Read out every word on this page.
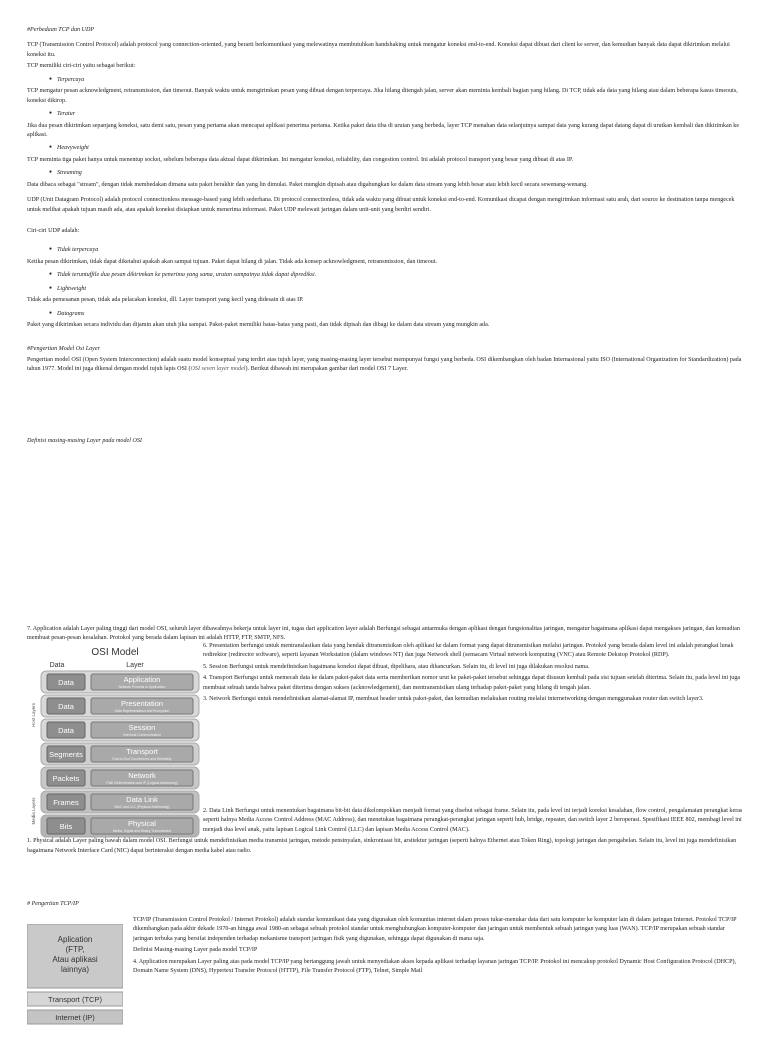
#Perbedaan TCP dan UDP

TCP (Transmission Control Protocol) adalah protocol yang connection-oriented, yang berarti berkomunikasi yang melewatinya membutuhkan handshaking untuk mengatur koneksi end-to-end. Koneksi dapat dibuat dari client ke server, dan kemudian banyak data dapat dikirimkan melalui koneksi itu.

TCP memiliki ciri-ciri yaitu sebagai berikut:

● Terpercaya

TCP mengatur pesan acknowledgment, retransmission, dan timeout. Banyak waktu untuk mengirimkan pesan yang dibuat dengan terpercaya. Jika hilang ditengah jalan, server akan meminta kembali bagian yang hilang. Di TCP, tidak ada data yang hilang atau dalam beberapa kasus timeouts, koneksi dikirop.

● Teratur

Jika dua pesan dikirimkan sepanjang koneksi, satu demi satu, pesan yang pertama akan mencapai aplikasi penerima pertama. Ketika paket data tiba di urutan yang berbeda, layer TCP menahan data selanjutnya sampai data yang kurang dapat datang dapat di urutkan kembali dan dikirimkan ke aplikasi.

● Heavyweight

TCP meminta tiga paket hanya untuk menentup socket, sebelum beberapa data aktual dapat dikirimkan. Ini mengatur koneksi, reliability, dan congestion control. Ini adalah protocol transport yang besar yang dibuat di atas IP.

● Streaming

Data dibaca sebagai "stream", dengan tidak membedakan dimana satu paket berakhir dan yang lin dimulai. Paket mungkin dipisah atau digabungkan ke dalam data stream yang lebih besar atau lebih kecil secara sewenang-wenang.

UDP (Unit Datagram Protocol) adalah protocol connectionless message-based yang lebih sederhana. Di protocol connectionless, tidak ada waktu yang dibuat untuk koneksi end-to-end. Komunikasi dicapai dengan mengirimkan informasi satu arah, dari source ke destination tanpa mengecek untuk melihat apakah tujuan masih ada, atau apakah koneksi disiapkan untuk menerima informasi. Paket UDP melewati jaringan dalam unit-unit yang berdiri sendiri.

Ciri-ciri UDP adalah:

● Tidak terpercaya

Ketika pesan dikirimkan, tidak dapat diketahui apakah akan sampai tujuan. Paket dapat hilang di jalan. Tidak ada konsep acknowledgment, retransmission, dan timeout.

● Tidak teruntuffile dua pesan dikirimkan ke penerima yang sama, urutan sampainya tidak dapat diprediksi.
● Lightweight

Tidak ada pemesanan pesan, tidak ada pelacakan koneksi, dll. Layer transport yang kecil yang didesain di atas IP.

● Datagrams

Paket yang dikirimkan secara individu dan dijamin akan utuh jika sampai. Paket-paket memiliki batas-batas yang pasti, dan tidak dipisah dan dibagi ke dalam data stream yang mungkin ada.

#Pengertian Model Osi Layer

Pengertian model OSI (Open System Interconnection) adalah suatu model konseptual yang terdiri atas tujuh layer, yang masing-masing layer tersebut mempunyai fungsi yang berbeda. OSI dikembangkan oleh badan Internasional yaitu ISO (International Organization for Standardization) pada tahun 1977. Model ini juga dikenal dengan model tujuh lapis OSI (OSI seven layer model). Berikut dibawah ini merupakan gambar dari model OSI 7 Layer.

Definisi masing-masing Layer pada model OSI

7. Application adalah Layer paling tinggi dari model OSI, seluruh layer dibawahnya bekerja untuk layer ini, tugas dari application layer adalah Berfungsi sebagai antarmuka dengan aplikasi dengan fungsionalitas jaringan, mengatur bagaimana aplikasi dapat mengakses jaringan, dan kemudian membuat pesan-pesan kesalahan. Protokol yang berada dalam lapisan ini adalah HTTP, FTP, SMTP, NFS.

OSI Model
Data	Layer
Host Layers
Media Layers
Data	Application
Network Process to Application
Data	Presentation
Data Representation and Encryption
Data	Session
Interhost Communication
Segments	Transport
End-to-End Connections and Reliability
Packets	Network
Path Determination and IP (Logical Addressing)
Frames	Data Link
MAC and LLC (Physical Addressing)
Bits	Physical
Media, Signal and Binary Transmission

6. Presentation berfungsi untuk mentranslasikan data yang hendak ditransmisikan oleh aplikasi ke dalam format yang dapat ditransmisikan melalui jaringan. Protokol yang berada dalam level ini adalah perangkat lunak redirektor (redirector software), seperti layanan Workstation (dalam windows NT) dan juga Network shell (semacam Virtual network komputing (VNC) atau Remote Dekstop Protokol (RDP).

5. Session Berfungsi untuk mendefinisikan bagaimana koneksi dapat dibuat, dipelihara, atau dihancurkan. Selain itu, di level ini juga dilakukan resolusi nama.

4. Transport Berfungsi untuk memecah data ke dalam paket-paket data serta memberikan nomor urut ke paket-paket tersebut sehingga dapat disusun kembali pada sisi tujuan setelah diterima. Selain itu, pada level ini juga membuat sebuah tanda bahwa paket diterima dengan sukses (acknowledgement), dan mentransmisikan ulang terhadap paket-paket yang hilang di tengah jalan.

3. Network Berfungsi untuk mendefinisikan alamat-alamat IP, membuat header untuk paket-paket, dan kemudian melakukan routing melalui internetworking dengan menggunakan router dan switch layer3.

2. Data Link Berfungsi untuk menentukan bagaimana bit-bit data dikelompokkan menjadi format yang disebut sebagai frame. Selain itu, pada level ini terjadi koreksi kesalahan, flow control, pengalamatan perangkat keras seperti halnya Media Access Control Address (MAC Address), dan menetukan bagaimana perangkat-perangkat jaringan seperti hub, bridge, repeater, dan switch layer 2 beroperasi. Spesifikasi IEEE 802, membagi level ini menjadi dua level anak, yaitu lapisan Logical Link Control (LLC) dan lapisan Media Access Control (MAC).

1. Physical adalah Layer paling bawah dalam model OSI. Berfungsi untuk mendefinisikan media transmisi jaringan, metode pensinyalan, sinkronisasi bit, arsitektur jaringan (seperti halnya Ethernet atau Token Ring), topologi jaringan dan pengabelan. Selain itu, level ini juga mendefinisikan bagaimana Network Interface Card (NIC) dapat berinteraksi dengan media kabel atau radio.

# Pengertian TCP/IP

Aplication
(FTP,
Atau aplikasi
lainnya)
Transport (TCP)
Internet (IP)

TCP/IP (Transmission Control Protokol / Internet Protokol) adalah standar komunikasi data yang digunakan oleh komunitas internet dalam proses tukar-menukar data dari satu komputer ke komputer lain di dalam jaringan Internet. Protokol TCP/IP dikembangkan pada akhir dekade 1970-an hingga awal 1980-an sebagai sebuah protokol standar untuk menghubungkan komputer-komputer dan jaringan untuk membentuk sebuah jaringan yang luas (WAN). TCP/IP merupakan sebuah standar jaringan terbuka yang bersifat independen terhadap mekanisme transport jaringan fisik yang digunakan, sehingga dapat digunakan di mana saja.

Definisi Masing-masing Layer pada model TCP/IP

4. Application merupakan Layer paling atas pada model TCP/IP yang bertanggung jawab untuk menyediakan akses kepada aplikasi terhadap layanan jaringan TCP/IP. Protokol ini mencakup protokol Dynamic Host Configuration Protocol (DHCP), Domain Name System (DNS), Hypertext Transfer Protocol (HTTP), File Transfer Protocol (FTP), Telnet, Simple Mail
